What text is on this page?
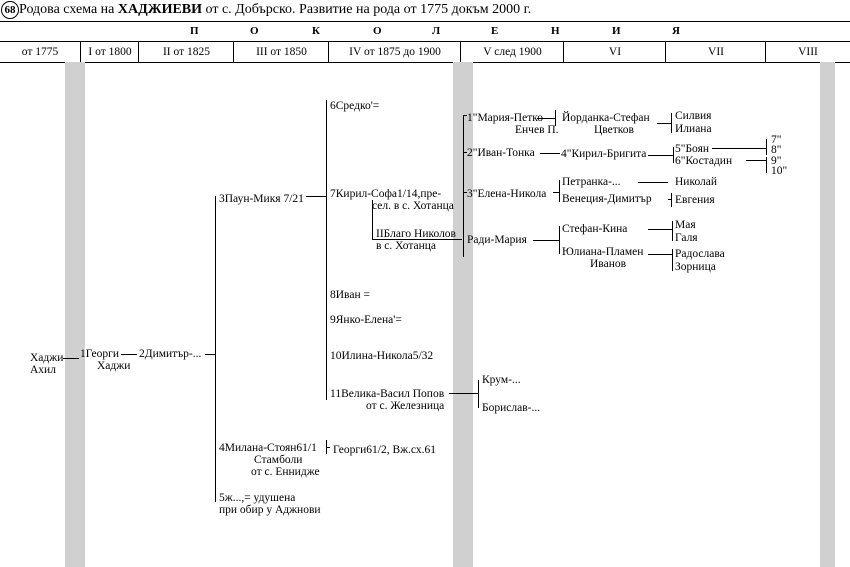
68 Родова схема на ХАДЖИЕВИ от с. Добърско. Развитие на рода от 1775 докъм 2000 г.
П	О	К	О	Л	Е	Н	И	Я
от 1775	I от 1800	II от 1825	III от 1850	IV от 1875 до 1900	V след 1900	VI	VII	VIII
Хаджи
Ахил
1Георги
Хаджи
2Димитър-...
3Паун-Микя 7/21
4Милана-Стоян61/1
Стамболи
от с. Еннидже
5ж...,= удушена
при обир у Аджнови
6Средко'=
7Кирил-Софа1/14,пре-
сел. в с. Хотанца
8Иван =
9Янко-Елена'=
10Илина-Никола5/32
11Велика-Васил Попов
от с. Железница
Георги61/2, Вж.сх.61
IIБлаго Николов
в с. Хотанца
1"Мария-Петко
Енчев П.
2"Иван-Тонка
3"Елена-Никола
Ради-Мария
Крум-...
Борислав-...
Йорданка-Стефан
Цветков
4"Кирил-Бригита
Петранка-...
Венеция-Димитър
Стефан-Кина
Юлиана-Пламен
Иванов
Силвия
Илиана
5"Боян
6"Костадин
Николай
Евгения
Мая
Галя
Радослава
Зорница
7"
8"
9"
10"
